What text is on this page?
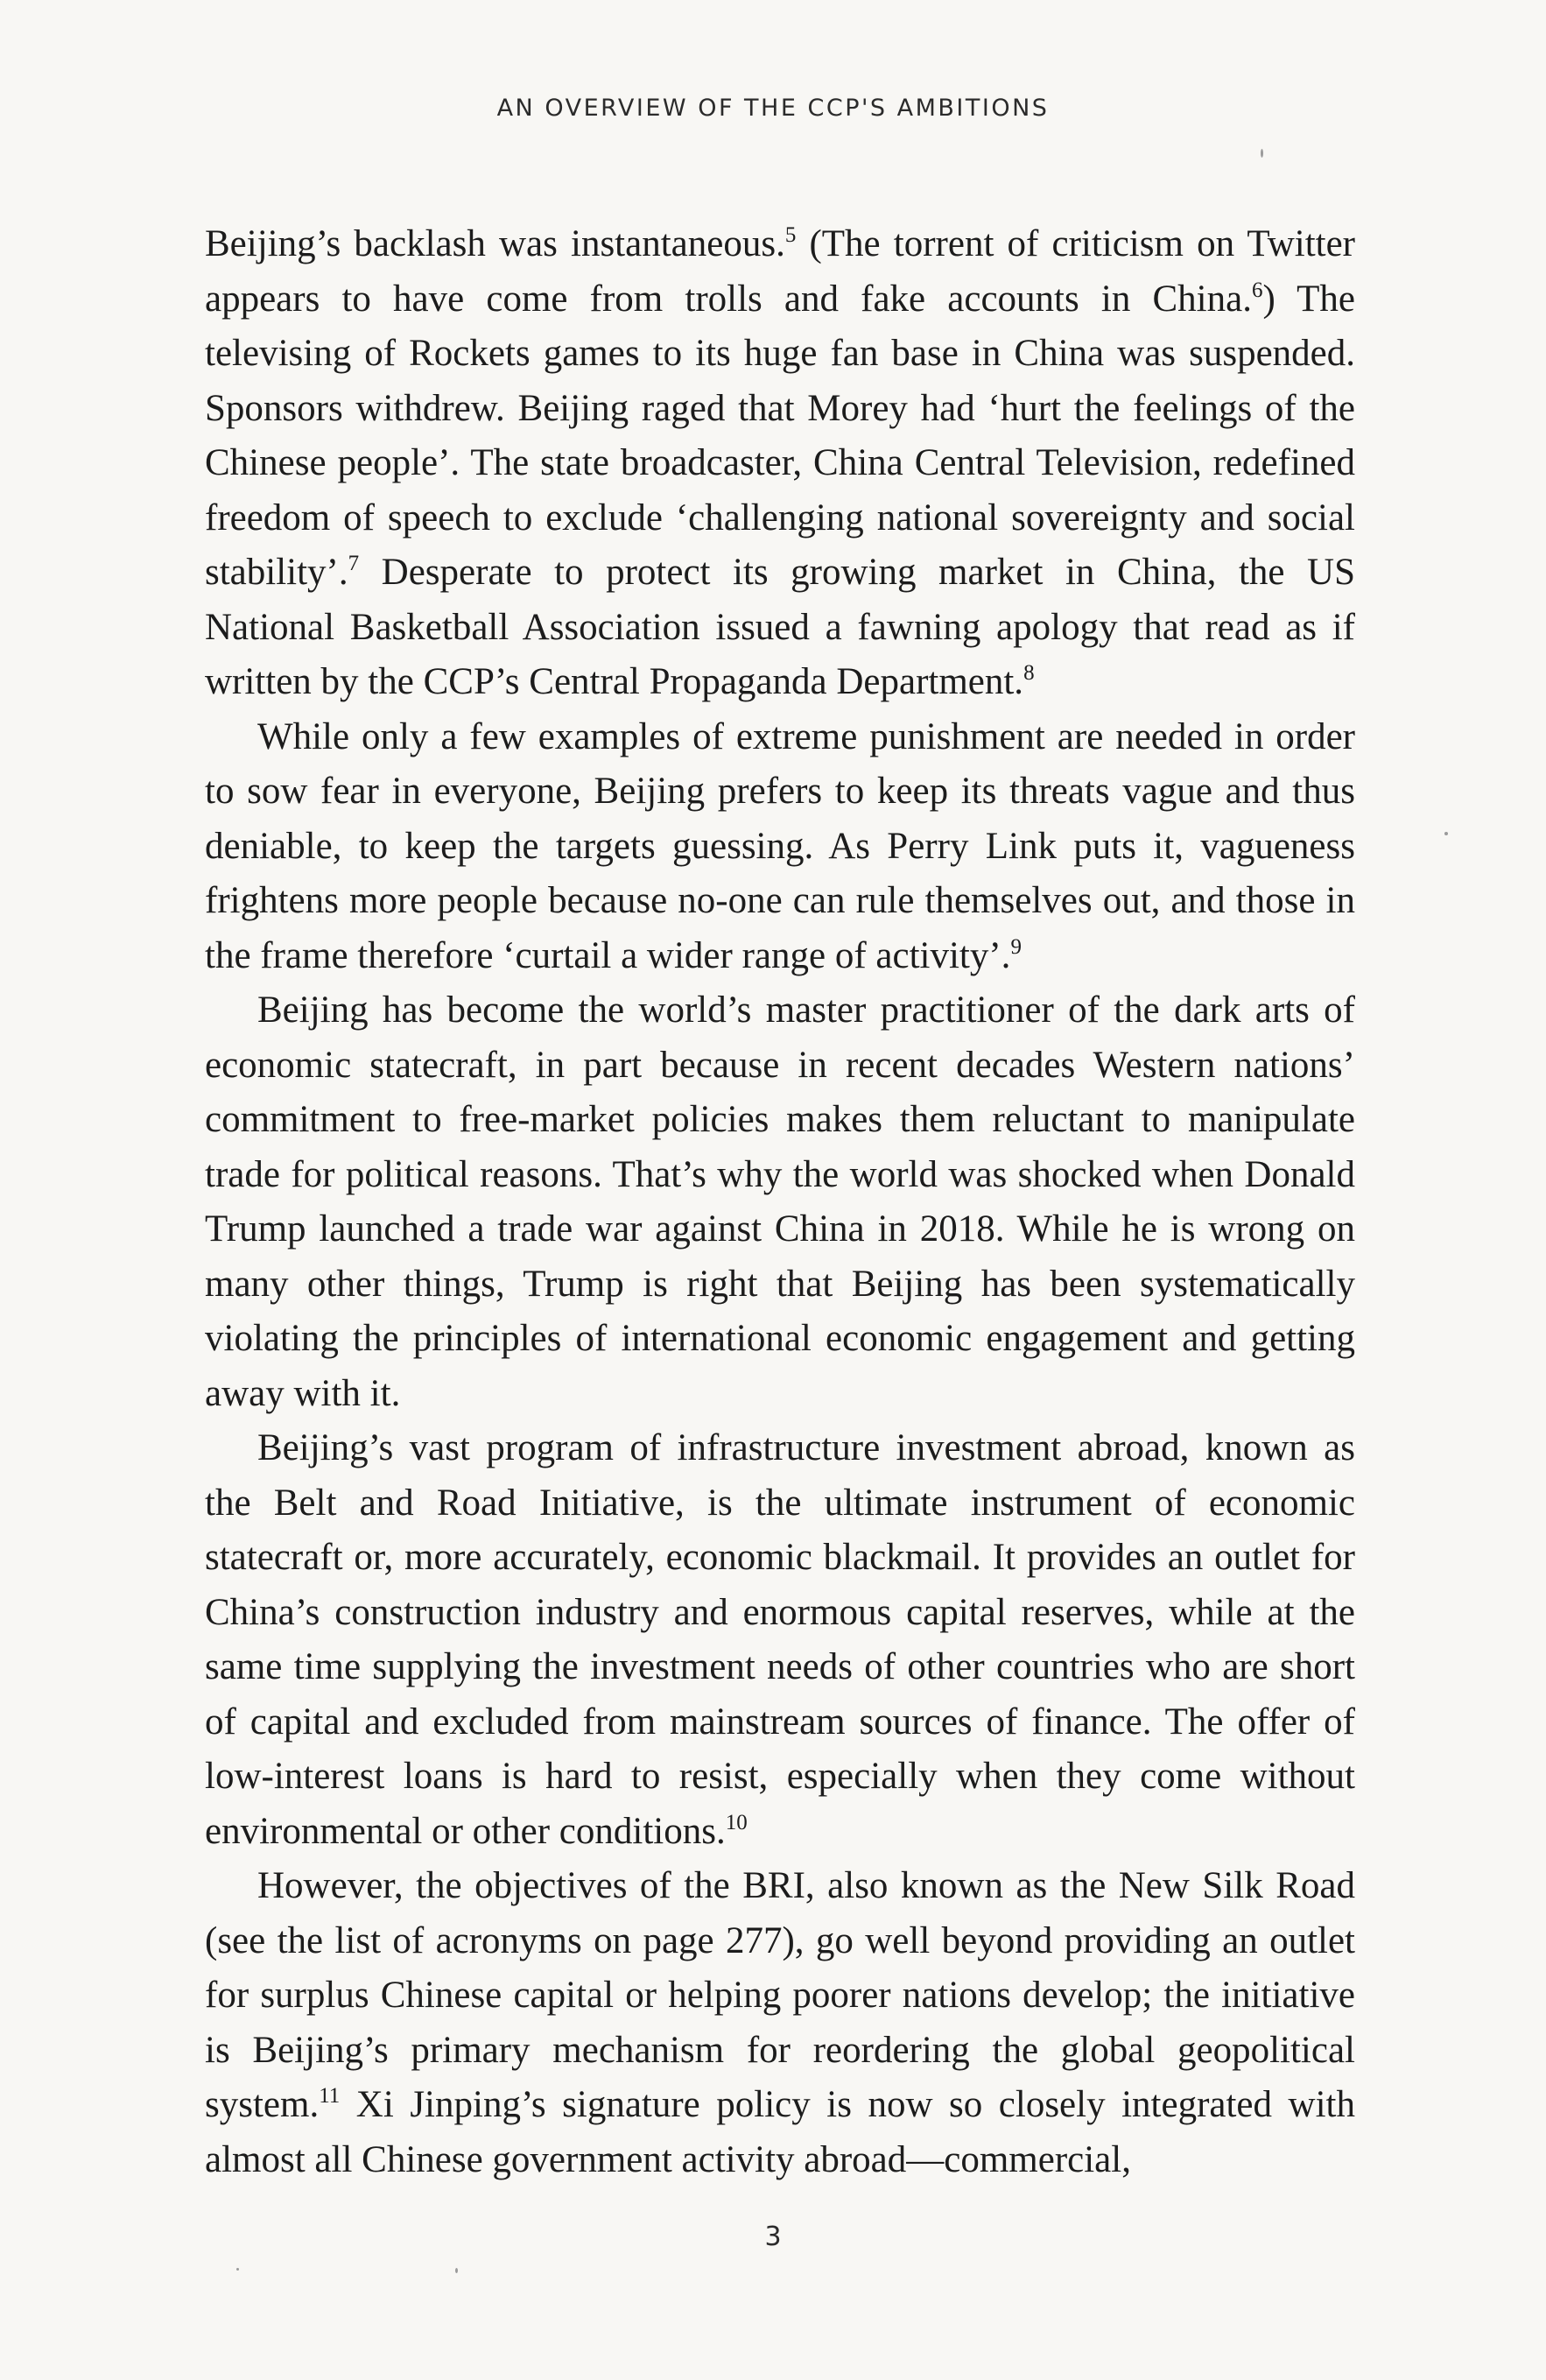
AN OVERVIEW OF THE CCP'S AMBITIONS

Beijing’s backlash was instantaneous.$^5$ (The torrent of criticism on Twitter appears to have come from trolls and fake accounts in China.$^6$) The televising of Rockets games to its huge fan base in China was suspended. Sponsors withdrew. Beijing raged that Morey had ‘hurt the feelings of the Chinese people’. The state broadcaster, China Central Television, redefined freedom of speech to exclude ‘challenging national sovereignty and social stability’.$^7$ Desperate to protect its growing market in China, the US National Basketball Association issued a fawning apology that read as if written by the CCP’s Central Propaganda Department.$^8$

While only a few examples of extreme punishment are needed in order to sow fear in everyone, Beijing prefers to keep its threats vague and thus deniable, to keep the targets guessing. As Perry Link puts it, vagueness frightens more people because no-one can rule themselves out, and those in the frame therefore ‘curtail a wider range of activity’.$^9$

Beijing has become the world’s master practitioner of the dark arts of economic statecraft, in part because in recent decades Western nations’ commitment to free-market policies makes them reluctant to manipulate trade for political reasons. That’s why the world was shocked when Donald Trump launched a trade war against China in 2018. While he is wrong on many other things, Trump is right that Beijing has been systematically violating the principles of international economic engagement and getting away with it.

Beijing’s vast program of infrastructure investment abroad, known as the Belt and Road Initiative, is the ultimate instrument of economic statecraft or, more accurately, economic blackmail. It provides an outlet for China’s construction industry and enormous capital reserves, while at the same time supplying the investment needs of other countries who are short of capital and excluded from mainstream sources of finance. The offer of low-interest loans is hard to resist, especially when they come without environmental or other conditions.$^{10}$

However, the objectives of the BRI, also known as the New Silk Road (see the list of acronyms on page 277), go well beyond providing an outlet for surplus Chinese capital or helping poorer nations develop; the initiative is Beijing’s primary mechanism for reordering the global geopolitical system.$^{11}$ Xi Jinping’s signature policy is now so closely integrated with almost all Chinese government activity abroad—commercial,

3
